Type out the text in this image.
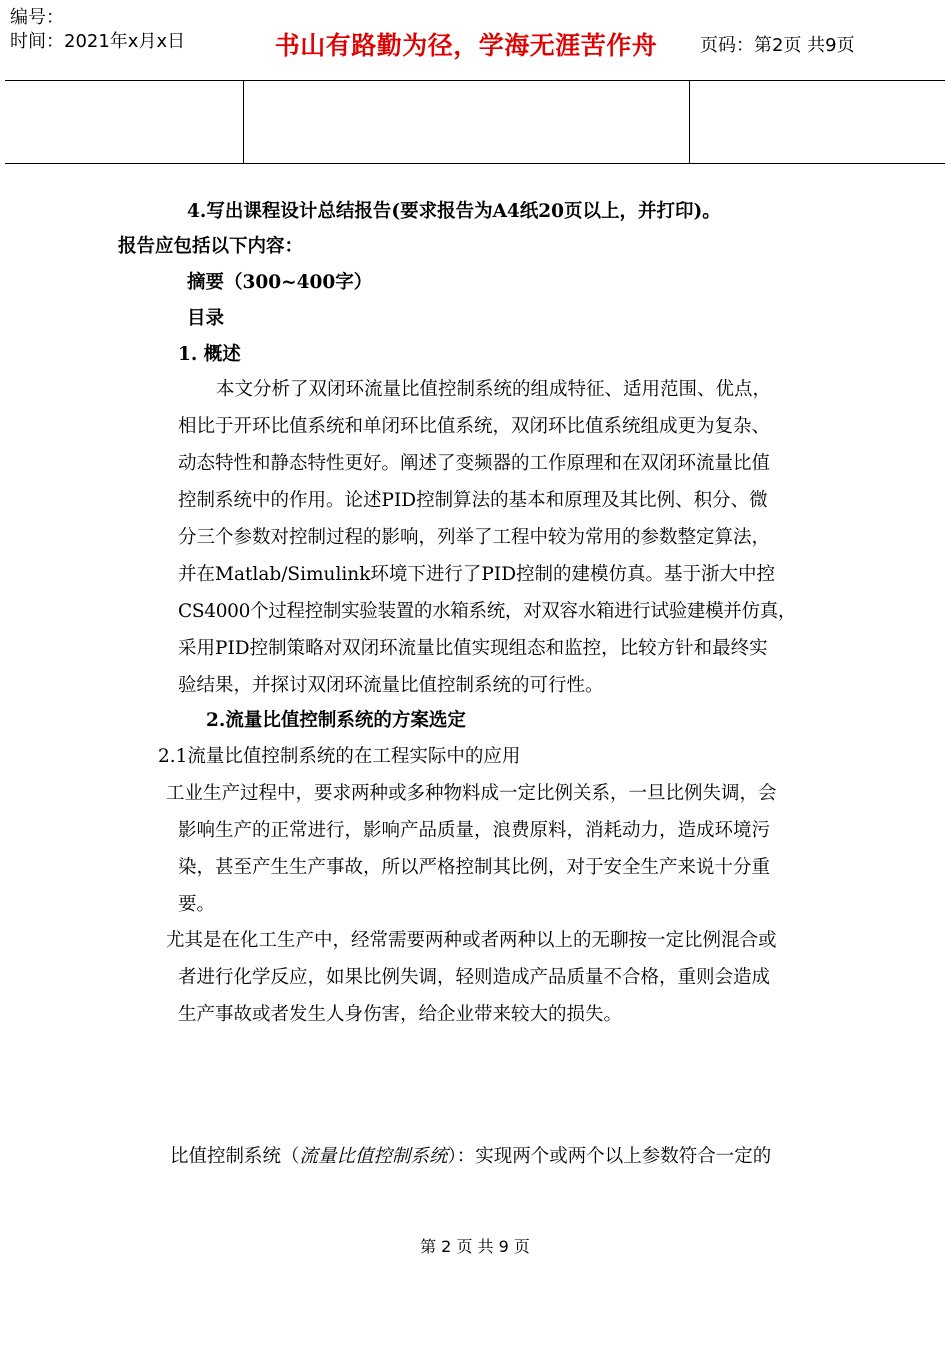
编号：
时间：2021年x月x日	书山有路勤为径，学海无涯苦作舟	页码：第2页 共9页
4.写出课程设计总结报告(要求报告为A4纸20页以上，并打印)。
报告应包括以下内容：
摘要（300~400字）
目录
1. 概述
本文分析了双闭环流量比值控制系统的组成特征、适用范围、优点，
相比于开环比值系统和单闭环比值系统，双闭环比值系统组成更为复杂、
动态特性和静态特性更好。阐述了变频器的工作原理和在双闭环流量比值
控制系统中的作用。论述PID控制算法的基本和原理及其比例、积分、微
分三个参数对控制过程的影响，列举了工程中较为常用的参数整定算法，
并在Matlab/Simulink环境下进行了PID控制的建模仿真。基于浙大中控
CS4000个过程控制实验装置的水箱系统，对双容水箱进行试验建模并仿真，
采用PID控制策略对双闭环流量比值实现组态和监控，比较方针和最终实
验结果，并探讨双闭环流量比值控制系统的可行性。
2.流量比值控制系统的方案选定
2.1流量比值控制系统的在工程实际中的应用
工业生产过程中，要求两种或多种物料成一定比例关系，一旦比例失调，会
影响生产的正常进行，影响产品质量，浪费原料，消耗动力，造成环境污
染，甚至产生生产事故，所以严格控制其比例，对于安全生产来说十分重
要。
尤其是在化工生产中，经常需要两种或者两种以上的无聊按一定比例混合或
者进行化学反应，如果比例失调，轻则造成产品质量不合格，重则会造成
生产事故或者发生人身伤害，给企业带来较大的损失。
比值控制系统（流量比值控制系统）：实现两个或两个以上参数符合一定的
第 2 页 共 9 页
